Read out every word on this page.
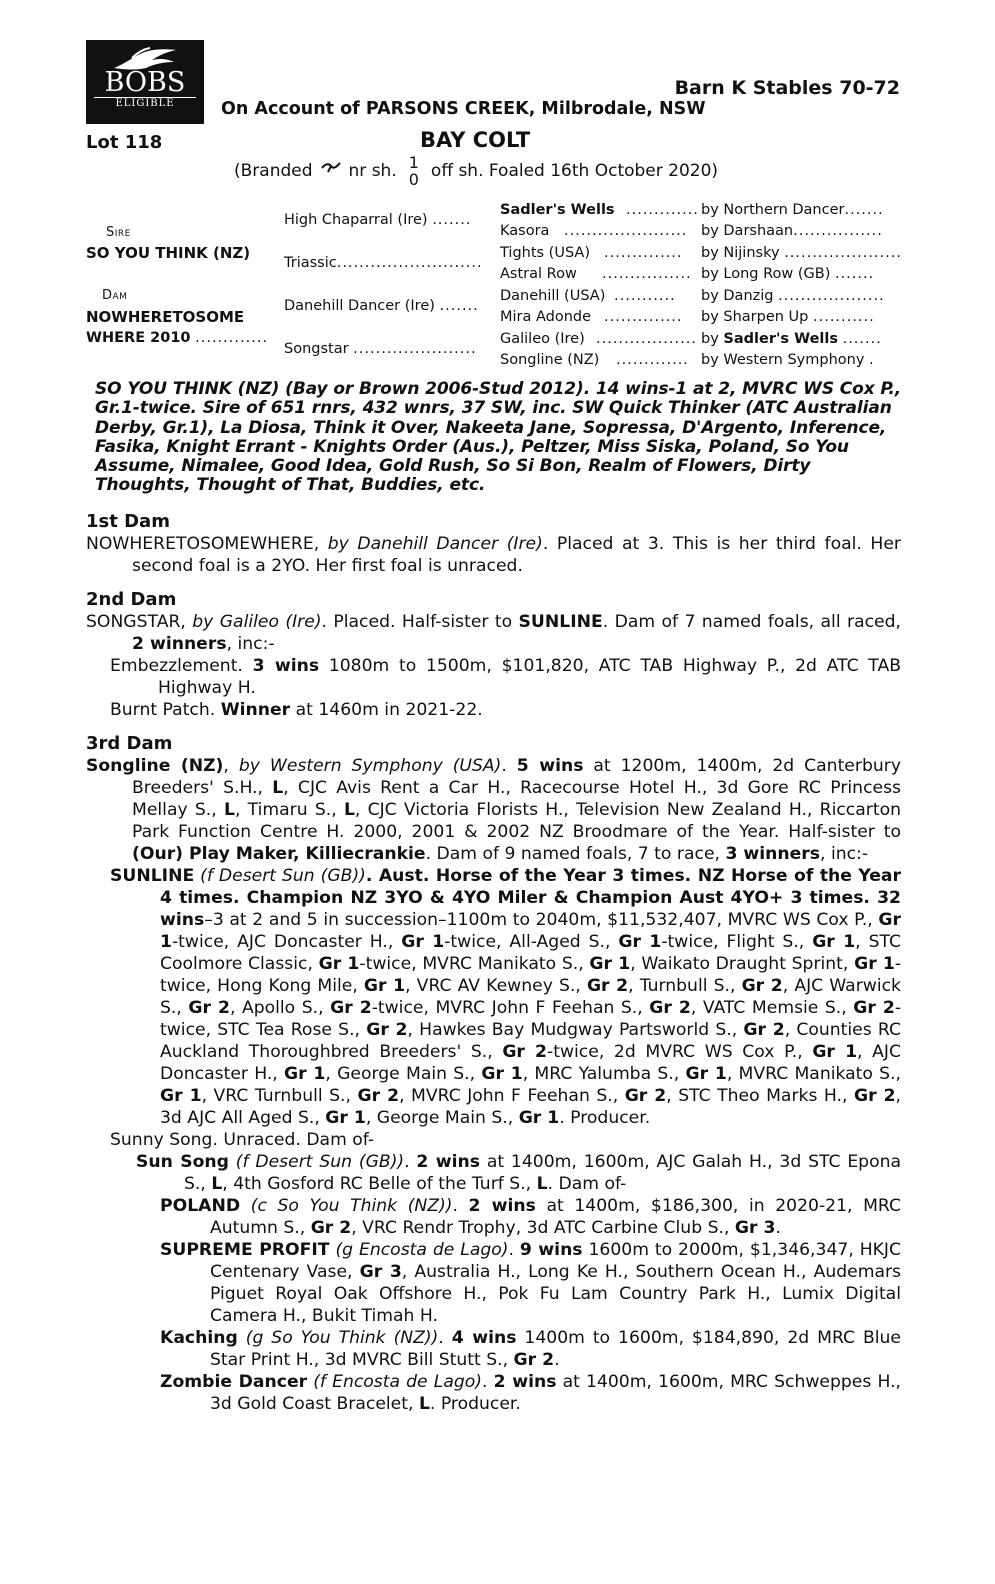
BOBS
ELIGIBLE
Barn K Stables 70-72
On Account of PARSONS CREEK, Milbrodale, NSW
Lot 118	BAY COLT
(Branded nr sh. 1
0 off sh. Foaled 16th October 2020)
Sire
SO YOU THINK (NZ)
Dam
NOWHERETOSOME
WHERE 2010 .............
High Chaparral (Ire) .......
Triassic..........................
Danehill Dancer (Ire) .......
Songstar ......................
Sadler's Wells
Kasora
Tights (USA)
Astral Row
Danehill (USA)
Mira Adonde
Galileo (Ire)
Songline (NZ)
.............
......................
..............
................
...........
..............
..................
.............
by Northern Dancer.......
by Darshaan................
by Nijinsky .....................
by Long Row (GB) .......
by Danzig ...................
by Sharpen Up ...........
by Sadler's Wells .......
by Western Symphony .
SO YOU THINK (NZ) (Bay or Brown 2006-Stud 2012). 14 wins-1 at 2, MVRC WS Cox P., Gr.1-twice. Sire of 651 rnrs, 432 wnrs, 37 SW, inc. SW Quick Thinker (ATC Australian Derby, Gr.1), La Diosa, Think it Over, Nakeeta Jane, Sopressa, D'Argento, Inference, Fasika, Knight Errant - Knights Order (Aus.), Peltzer, Miss Siska, Poland, So You Assume, Nimalee, Good Idea, Gold Rush, So Si Bon, Realm of Flowers, Dirty Thoughts, Thought of That, Buddies, etc.
1st Dam

NOWHERETOSOMEWHERE, by Danehill Dancer (Ire). Placed at 3. This is her third foal. Her second foal is a 2YO. Her first foal is unraced.

2nd Dam

SONGSTAR, by Galileo (Ire). Placed. Half-sister to SUNLINE. Dam of 7 named foals, all raced, 2 winners, inc:-

Embezzlement. 3 wins 1080m to 1500m, $101,820, ATC TAB Highway P., 2d ATC TAB Highway H.

Burnt Patch. Winner at 1460m in 2021-22.

3rd Dam

Songline (NZ), by Western Symphony (USA). 5 wins at 1200m, 1400m, 2d Canterbury Breeders' S.H., L, CJC Avis Rent a Car H., Racecourse Hotel H., 3d Gore RC Princess Mellay S., L, Timaru S., L, CJC Victoria Florists H., Television New Zealand H., Riccarton Park Function Centre H. 2000, 2001 & 2002 NZ Broodmare of the Year. Half-sister to (Our) Play Maker, Killiecrankie. Dam of 9 named foals, 7 to race, 3 winners, inc:-

SUNLINE (f Desert Sun (GB)). Aust. Horse of the Year 3 times. NZ Horse of the Year 4 times. Champion NZ 3YO & 4YO Miler & Champion Aust 4YO+ 3 times. 32 wins–3 at 2 and 5 in succession–1100m to 2040m, $11,532,407, MVRC WS Cox P., Gr 1-twice, AJC Doncaster H., Gr 1-twice, All-Aged S., Gr 1-twice, Flight S., Gr 1, STC Coolmore Classic, Gr 1-twice, MVRC Manikato S., Gr 1, Waikato Draught Sprint, Gr 1-twice, Hong Kong Mile, Gr 1, VRC AV Kewney S., Gr 2, Turnbull S., Gr 2, AJC Warwick S., Gr 2, Apollo S., Gr 2-twice, MVRC John F Feehan S., Gr 2, VATC Memsie S., Gr 2-twice, STC Tea Rose S., Gr 2, Hawkes Bay Mudgway Partsworld S., Gr 2, Counties RC Auckland Thoroughbred Breeders' S., Gr 2-twice, 2d MVRC WS Cox P., Gr 1, AJC Doncaster H., Gr 1, George Main S., Gr 1, MRC Yalumba S., Gr 1, MVRC Manikato S., Gr 1, VRC Turnbull S., Gr 2, MVRC John F Feehan S., Gr 2, STC Theo Marks H., Gr 2, 3d AJC All Aged S., Gr 1, George Main S., Gr 1. Producer.

Sunny Song. Unraced. Dam of-

Sun Song (f Desert Sun (GB)). 2 wins at 1400m, 1600m, AJC Galah H., 3d STC Epona S., L, 4th Gosford RC Belle of the Turf S., L. Dam of-

POLAND (c So You Think (NZ)). 2 wins at 1400m, $186,300, in 2020-21, MRC Autumn S., Gr 2, VRC Rendr Trophy, 3d ATC Carbine Club S., Gr 3.

SUPREME PROFIT (g Encosta de Lago). 9 wins 1600m to 2000m, $1,346,347, HKJC Centenary Vase, Gr 3, Australia H., Long Ke H., Southern Ocean H., Audemars Piguet Royal Oak Offshore H., Pok Fu Lam Country Park H., Lumix Digital Camera H., Bukit Timah H.

Kaching (g So You Think (NZ)). 4 wins 1400m to 1600m, $184,890, 2d MRC Blue Star Print H., 3d MVRC Bill Stutt S., Gr 2.

Zombie Dancer (f Encosta de Lago). 2 wins at 1400m, 1600m, MRC Schweppes H., 3d Gold Coast Bracelet, L. Producer.
